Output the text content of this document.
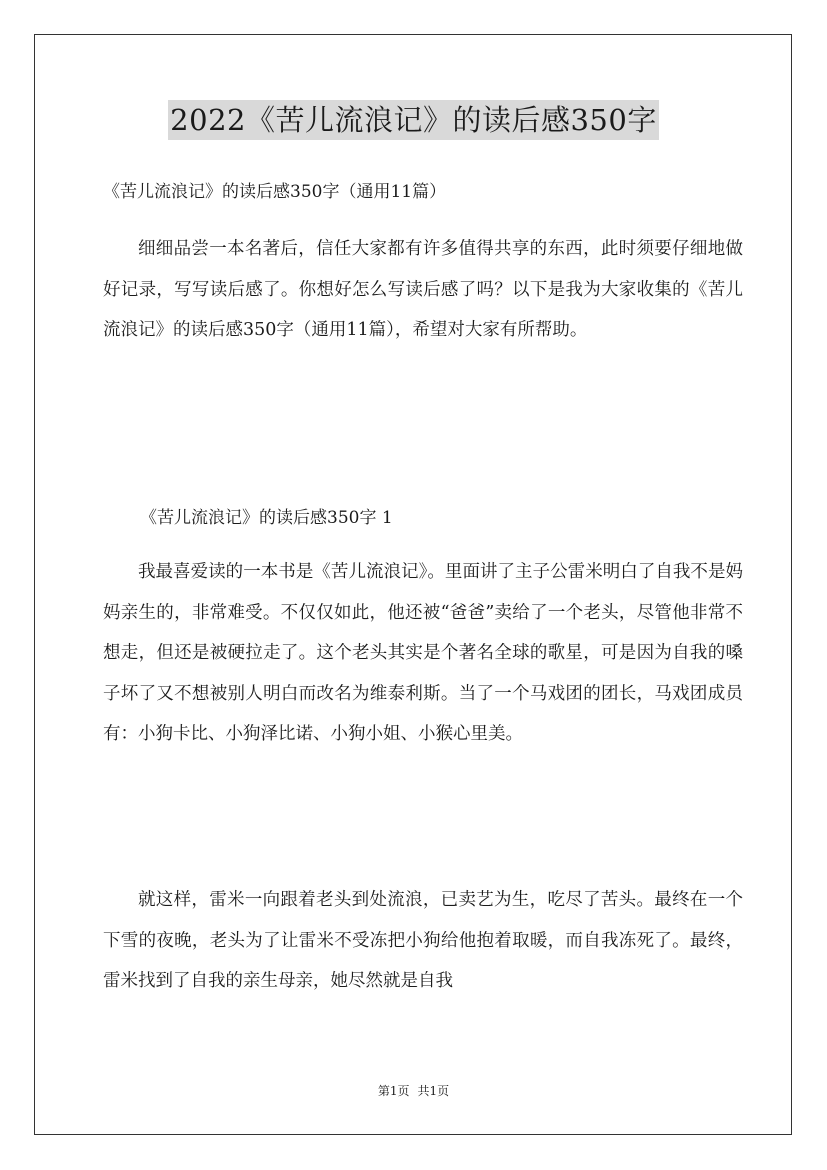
2022《苦儿流浪记》的读后感350字
《苦儿流浪记》的读后感350字（通用11篇）

细细品尝一本名著后，信任大家都有许多值得共享的东西，此时须要仔细地做好记录，写写读后感了。你想好怎么写读后感了吗？以下是我为大家收集的《苦儿流浪记》的读后感350字（通用11篇），希望对大家有所帮助。

《苦儿流浪记》的读后感350字 1

我最喜爱读的一本书是《苦儿流浪记》。里面讲了主子公雷米明白了自我不是妈妈亲生的，非常难受。不仅仅如此，他还被“爸爸”卖给了一个老头，尽管他非常不想走，但还是被硬拉走了。这个老头其实是个著名全球的歌星，可是因为自我的嗓子坏了又不想被别人明白而改名为维泰利斯。当了一个马戏团的团长，马戏团成员有：小狗卡比、小狗泽比诺、小狗小姐、小猴心里美。

就这样，雷米一向跟着老头到处流浪，已卖艺为生，吃尽了苦头。最终在一个下雪的夜晚，老头为了让雷米不受冻把小狗给他抱着取暖，而自我冻死了。最终，雷米找到了自我的亲生母亲，她尽然就是自我

第1页 共1页
